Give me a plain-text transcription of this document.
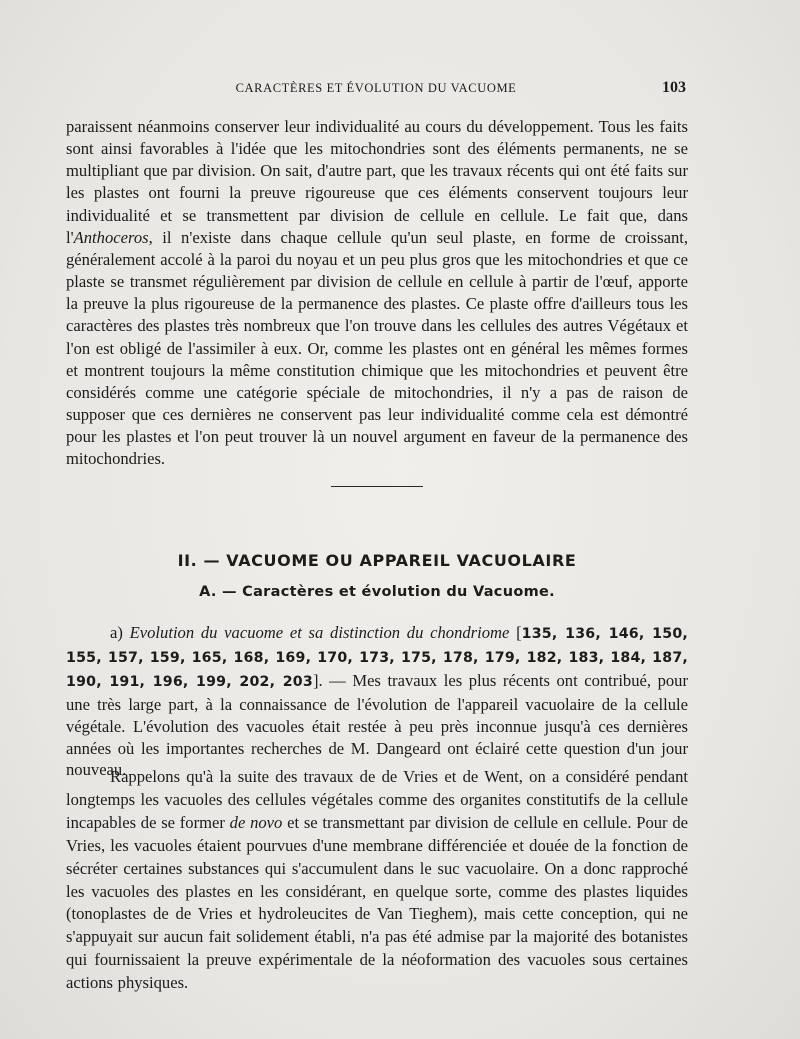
CARACTÈRES ET ÉVOLUTION DU VACUOME	103

paraissent néanmoins conserver leur individualité au cours du développement. Tous les faits sont ainsi favorables à l'idée que les mitochondries sont des éléments permanents, ne se multipliant que par division. On sait, d'autre part, que les travaux récents qui ont été faits sur les plastes ont fourni la preuve rigoureuse que ces éléments conservent toujours leur individualité et se transmettent par division de cellule en cellule. Le fait que, dans l'Anthoceros, il n'existe dans chaque cellule qu'un seul plaste, en forme de croissant, généralement accolé à la paroi du noyau et un peu plus gros que les mitochondries et que ce plaste se transmet régulièrement par division de cellule en cellule à partir de l'œuf, apporte la preuve la plus rigoureuse de la permanence des plastes. Ce plaste offre d'ailleurs tous les caractères des plastes très nombreux que l'on trouve dans les cellules des autres Végétaux et l'on est obligé de l'assimiler à eux. Or, comme les plastes ont en général les mêmes formes et montrent toujours la même constitution chimique que les mitochondries et peuvent être considérés comme une catégorie spéciale de mitochondries, il n'y a pas de raison de supposer que ces dernières ne conservent pas leur individualité comme cela est démontré pour les plastes et l'on peut trouver là un nouvel argument en faveur de la permanence des mitochondries.

II. — VACUOME OU APPAREIL VACUOLAIRE
A. — Caractères et évolution du Vacuome.

a) Evolution du vacuome et sa distinction du chondriome [135, 136, 146, 150, 155, 157, 159, 165, 168, 169, 170, 173, 175, 178, 179, 182, 183, 184, 187, 190, 191, 196, 199, 202, 203]. — Mes travaux les plus récents ont contribué, pour une très large part, à la connaissance de l'évolution de l'appareil vacuolaire de la cellule végétale. L'évolution des vacuoles était restée à peu près inconnue jusqu'à ces dernières années où les importantes recherches de M. Dangeard ont éclairé cette question d'un jour nouveau.

Rappelons qu'à la suite des travaux de de Vries et de Went, on a considéré pendant longtemps les vacuoles des cellules végétales comme des organites constitutifs de la cellule incapables de se former de novo et se transmettant par division de cellule en cellule. Pour de Vries, les vacuoles étaient pourvues d'une membrane différenciée et douée de la fonction de sécréter certaines substances qui s'accumulent dans le suc vacuolaire. On a donc rapproché les vacuoles des plastes en les considérant, en quelque sorte, comme des plastes liquides (tonoplastes de de Vries et hydroleucites de Van Tieghem), mais cette conception, qui ne s'appuyait sur aucun fait solidement établi, n'a pas été admise par la majorité des botanistes qui fournissaient la preuve expérimentale de la néoformation des vacuoles sous certaines actions physiques.
